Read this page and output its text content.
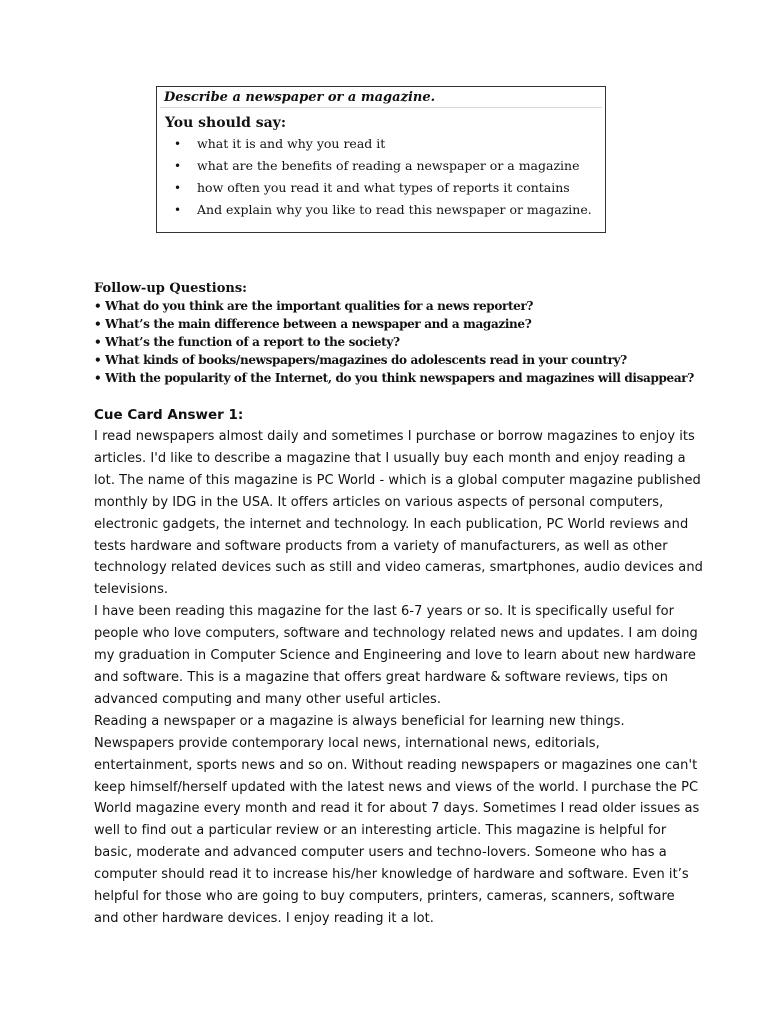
Describe a newspaper or a magazine.
You should say:
• what it is and why you read it
• what are the benefits of reading a newspaper or a magazine
• how often you read it and what types of reports it contains
• And explain why you like to read this newspaper or magazine.
Follow-up Questions:
• What do you think are the important qualities for a news reporter?
• What’s the main difference between a newspaper and a magazine?
• What’s the function of a report to the society?
• What kinds of books/newspapers/magazines do adolescents read in your country?
• With the popularity of the Internet, do you think newspapers and magazines will disappear?
Cue Card Answer 1:
I read newspapers almost daily and sometimes I purchase or borrow magazines to enjoy its
articles. I'd like to describe a magazine that I usually buy each month and enjoy reading a
lot. The name of this magazine is PC World - which is a global computer magazine published
monthly by IDG in the USA. It offers articles on various aspects of personal computers,
electronic gadgets, the internet and technology. In each publication, PC World reviews and
tests hardware and software products from a variety of manufacturers, as well as other
technology related devices such as still and video cameras, smartphones, audio devices and
televisions.
I have been reading this magazine for the last 6-7 years or so. It is specifically useful for
people who love computers, software and technology related news and updates. I am doing
my graduation in Computer Science and Engineering and love to learn about new hardware
and software. This is a magazine that offers great hardware & software reviews, tips on
advanced computing and many other useful articles.
Reading a newspaper or a magazine is always beneficial for learning new things.
Newspapers provide contemporary local news, international news, editorials,
entertainment, sports news and so on. Without reading newspapers or magazines one can't
keep himself/herself updated with the latest news and views of the world. I purchase the PC
World magazine every month and read it for about 7 days. Sometimes I read older issues as
well to find out a particular review or an interesting article. This magazine is helpful for
basic, moderate and advanced computer users and techno-lovers. Someone who has a
computer should read it to increase his/her knowledge of hardware and software. Even it’s
helpful for those who are going to buy computers, printers, cameras, scanners, software
and other hardware devices. I enjoy reading it a lot.
